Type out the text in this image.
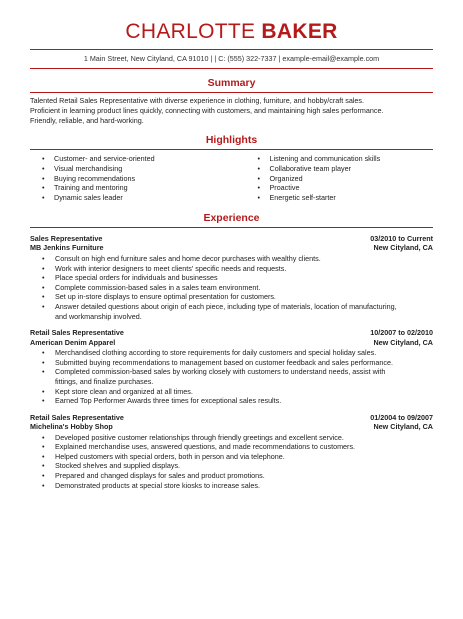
CHARLOTTE BAKER
1 Main Street, New Cityland, CA 91010 | | C: (555) 322-7337 | example-email@example.com
Summary

Talented Retail Sales Representative with diverse experience in clothing, furniture, and hobby/craft sales.

Proficient in learning product lines quickly, connecting with customers, and maintaining high sales performance.

Friendly, reliable, and hard-working.

Highlights
• Customer- and service-oriented
• Visual merchandising
• Buying recommendations
• Training and mentoring
• Dynamic sales leader
• Listening and communication skills
• Collaborative team player
• Organized
• Proactive
• Energetic self-starter
Experience
Sales Representative	03/2010 to Current
MB Jenkins Furniture	New Cityland, CA
• Consult on high end furniture sales and home decor purchases with wealthy clients.
• Work with interior designers to meet clients' specific needs and requests.
• Place special orders for individuals and businesses
• Complete commission-based sales in a sales team environment.
• Set up in-store displays to ensure optimal presentation for customers.
• Answer detailed questions about origin of each piece, including type of materials, location of manufacturing, and workmanship involved.
Retail Sales Representative	10/2007 to 02/2010
American Denim Apparel	New Cityland, CA
• Merchandised clothing according to store requirements for daily customers and special holiday sales.
• Submitted buying recommendations to management based on customer feedback and sales performance.
• Completed commission-based sales by working closely with customers to understand needs, assist with fittings, and finalize purchases.
• Kept store clean and organized at all times.
• Earned Top Performer Awards three times for exceptional sales results.
Retail Sales Representative	01/2004 to 09/2007
Michelina's Hobby Shop	New Cityland, CA
• Developed positive customer relationships through friendly greetings and excellent service.
• Explained merchandise uses, answered questions, and made recommendations to customers.
• Helped customers with special orders, both in person and via telephone.
• Stocked shelves and supplied displays.
• Prepared and changed displays for sales and product promotions.
• Demonstrated products at special store kiosks to increase sales.
